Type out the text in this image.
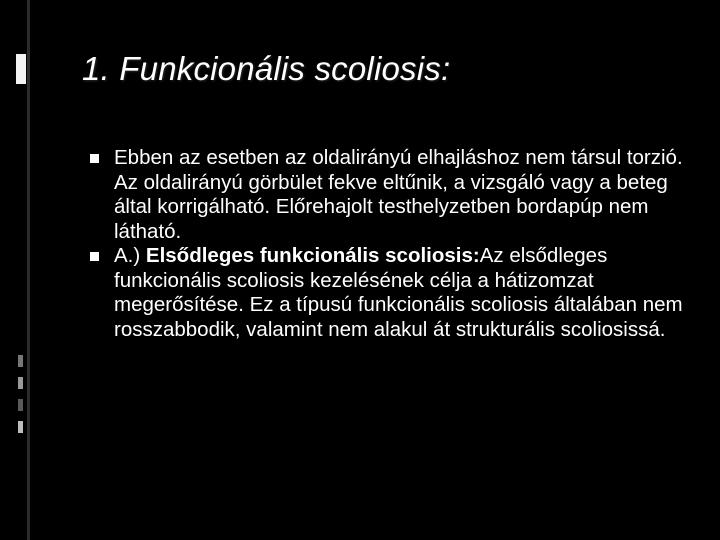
1. Funkcionális scoliosis:
Ebben az esetben az oldalirányú elhajláshoz nem társul torzió. Az oldalirányú görbület fekve eltűnik, a vizsgáló vagy a beteg által korrigálható. Előrehajolt testhelyzetben bordapúp nem látható.
A.) Elsődleges funkcionális scoliosis:Az elsődleges funkcionális scoliosis kezelésének célja a hátizomzat megerősítése. Ez a típusú funkcionális scoliosis általában nem rosszabbodik, valamint nem alakul át strukturális scoliosissá.
